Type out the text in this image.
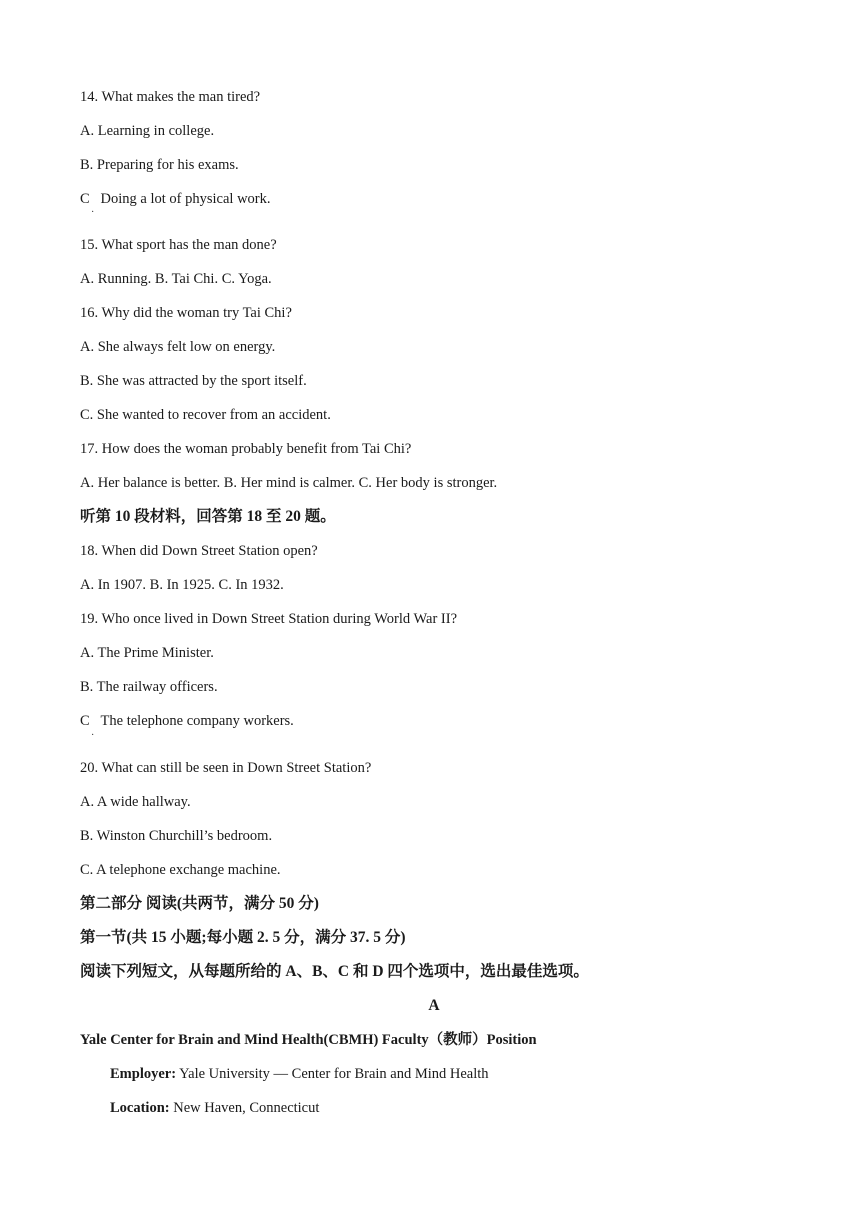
14. What makes the man tired?
A. Learning in college.
B. Preparing for his exams.
C Doing a lot of physical work.
·
15. What sport has the man done?
A. Running. B. Tai Chi. C. Yoga.
16. Why did the woman try Tai Chi?
A. She always felt low on energy.
B. She was attracted by the sport itself.
C. She wanted to recover from an accident.
17. How does the woman probably benefit from Tai Chi?
A. Her balance is better. B. Her mind is calmer. C. Her body is stronger.
听第 10 段材料，回答第 18 至 20 题。
18. When did Down Street Station open?
A. In 1907. B. In 1925. C. In 1932.
19. Who once lived in Down Street Station during World War II?
A. The Prime Minister.
B. The railway officers.
C The telephone company workers.
·
20. What can still be seen in Down Street Station?
A. A wide hallway.
B. Winston Churchill’s bedroom.
C. A telephone exchange machine.
第二部分 阅读(共两节，满分 50 分)
第一节(共 15 小题;每小题 2. 5 分，满分 37. 5 分)
阅读下列短文，从每题所给的 A、B、C 和 D 四个选项中，选出最佳选项。
A
Yale Center for Brain and Mind Health(CBMH) Faculty（教师）Position
Employer: Yale University — Center for Brain and Mind Health
Location: New Haven, Connecticut
